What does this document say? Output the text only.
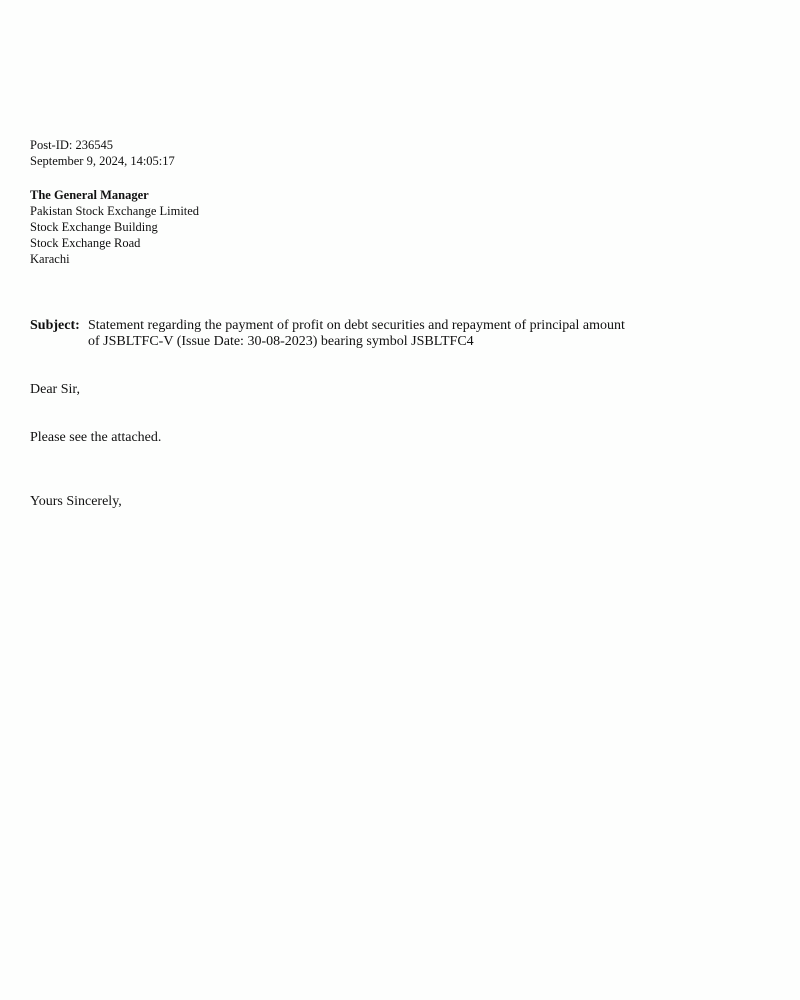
Post-ID: 236545
September 9, 2024, 14:05:17
The General Manager
Pakistan Stock Exchange Limited
Stock Exchange Building
Stock Exchange Road
Karachi
Subject: Statement regarding the payment of profit on debt securities and repayment of principal amount
of JSBLTFC-V (Issue Date: 30-08-2023) bearing symbol JSBLTFC4
Dear Sir,
Please see the attached.
Yours Sincerely,
